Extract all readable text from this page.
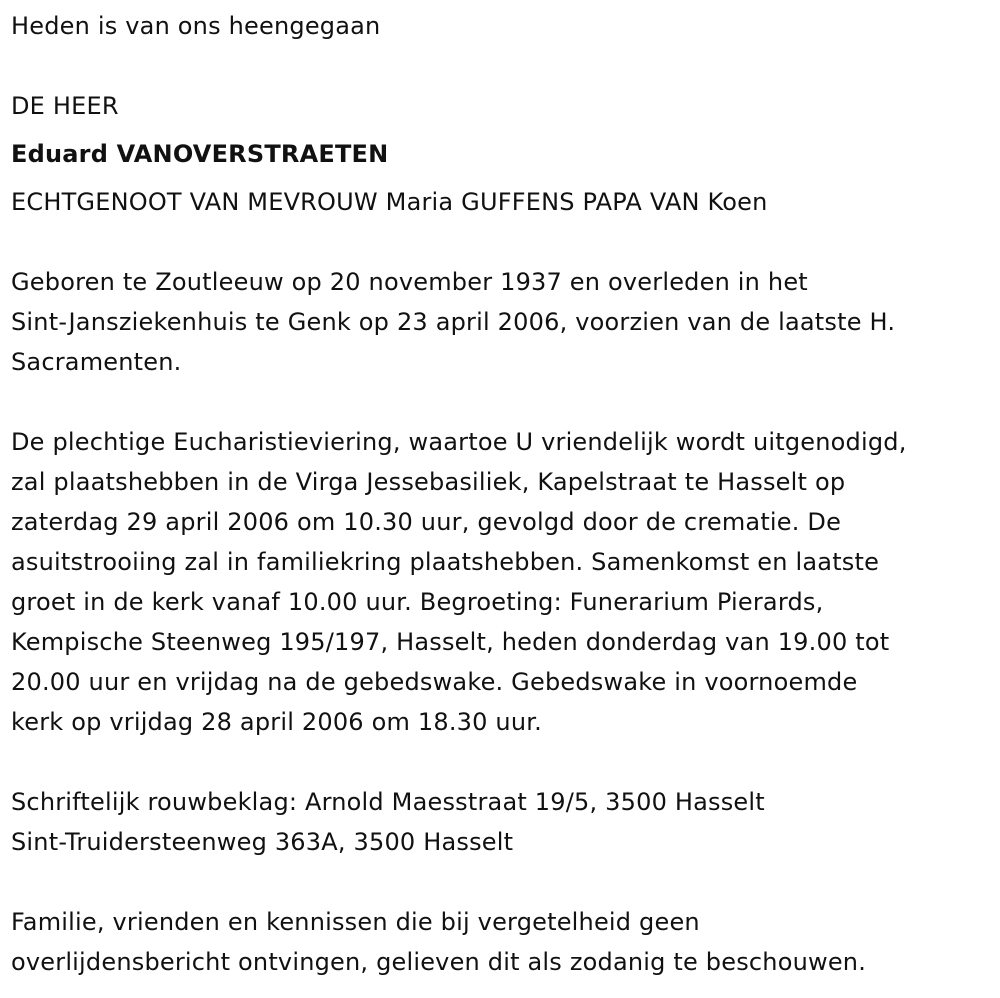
Heden is van ons heengegaan
DE HEER
Eduard VANOVERSTRAETEN
ECHTGENOOT VAN MEVROUW Maria GUFFENS PAPA VAN Koen
Geboren te Zoutleeuw op 20 november 1937 en overleden in het
Sint-Jansziekenhuis te Genk op 23 april 2006, voorzien van de laatste H.
Sacramenten.
De plechtige Eucharistieviering, waartoe U vriendelijk wordt uitgenodigd,
zal plaatshebben in de Virga Jessebasiliek, Kapelstraat te Hasselt op
zaterdag 29 april 2006 om 10.30 uur, gevolgd door de crematie. De
asuitstrooiing zal in familiekring plaatshebben. Samenkomst en laatste
groet in de kerk vanaf 10.00 uur. Begroeting: Funerarium Pierards,
Kempische Steenweg 195/197, Hasselt, heden donderdag van 19.00 tot
20.00 uur en vrijdag na de gebedswake. Gebedswake in voornoemde
kerk op vrijdag 28 april 2006 om 18.30 uur.
Schriftelijk rouwbeklag: Arnold Maesstraat 19/5, 3500 Hasselt
Sint-Truidersteenweg 363A, 3500 Hasselt
Familie, vrienden en kennissen die bij vergetelheid geen
overlijdensbericht ontvingen, gelieven dit als zodanig te beschouwen.
